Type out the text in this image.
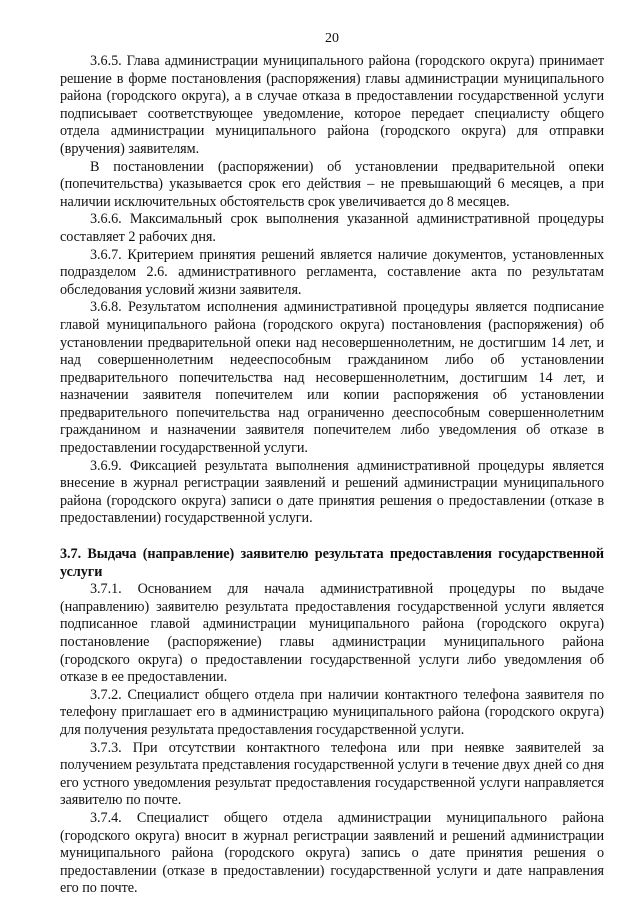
20

3.6.5. Глава администрации муниципального района (городского округа) принимает решение в форме постановления (распоряжения) главы администрации муниципального района (городского округа), а в случае отказа в предоставлении государственной услуги подписывает соответствующее уведомление, которое передает специалисту общего отдела администрации муниципального района (городского округа) для отправки (вручения) заявителям.

В постановлении (распоряжении) об установлении предварительной опеки (попечительства) указывается срок его действия – не превышающий 6 месяцев, а при наличии исключительных обстоятельств срок увеличивается до 8 месяцев.

3.6.6. Максимальный срок выполнения указанной административной процедуры составляет 2 рабочих дня.

3.6.7. Критерием принятия решений является наличие документов, установленных подразделом 2.6. административного регламента, составление акта по результатам обследования условий жизни заявителя.

3.6.8. Результатом исполнения административной процедуры является подписание главой муниципального района (городского округа) постановления (распоряжения) об установлении предварительной опеки над несовершеннолетним, не достигшим 14 лет, и над совершеннолетним недееспособным гражданином либо об установлении предварительного попечительства над несовершеннолетним, достигшим 14 лет, и назначении заявителя попечителем или копии распоряжения об установлении предварительного попечительства над ограниченно дееспособным совершеннолетним гражданином и назначении заявителя попечителем либо уведомления об отказе в предоставлении государственной услуги.

3.6.9. Фиксацией результата выполнения административной процедуры является внесение в журнал регистрации заявлений и решений администрации муниципального района (городского округа) записи о дате принятия решения о предоставлении (отказе в предоставлении) государственной услуги.

3.7. Выдача (направление) заявителю результата предоставления государственной услуги

3.7.1. Основанием для начала административной процедуры по выдаче (направлению) заявителю результата предоставления государственной услуги является подписанное главой администрации муниципального района (городского округа) постановление (распоряжение) главы администрации муниципального района (городского округа) о предоставлении государственной услуги либо уведомления об отказе в ее предоставлении.

3.7.2. Специалист общего отдела при наличии контактного телефона заявителя по телефону приглашает его в администрацию муниципального района (городского округа) для получения результата предоставления государственной услуги.

3.7.3. При отсутствии контактного телефона или при неявке заявителей за получением результата представления государственной услуги в течение двух дней со дня его устного уведомления результат предоставления государственной услуги направляется заявителю по почте.

3.7.4. Специалист общего отдела администрации муниципального района (городского округа) вносит в журнал регистрации заявлений и решений администрации муниципального района (городского округа) запись о дате принятия решения о предоставлении (отказе в предоставлении) государственной услуги и дате направления его по почте.
